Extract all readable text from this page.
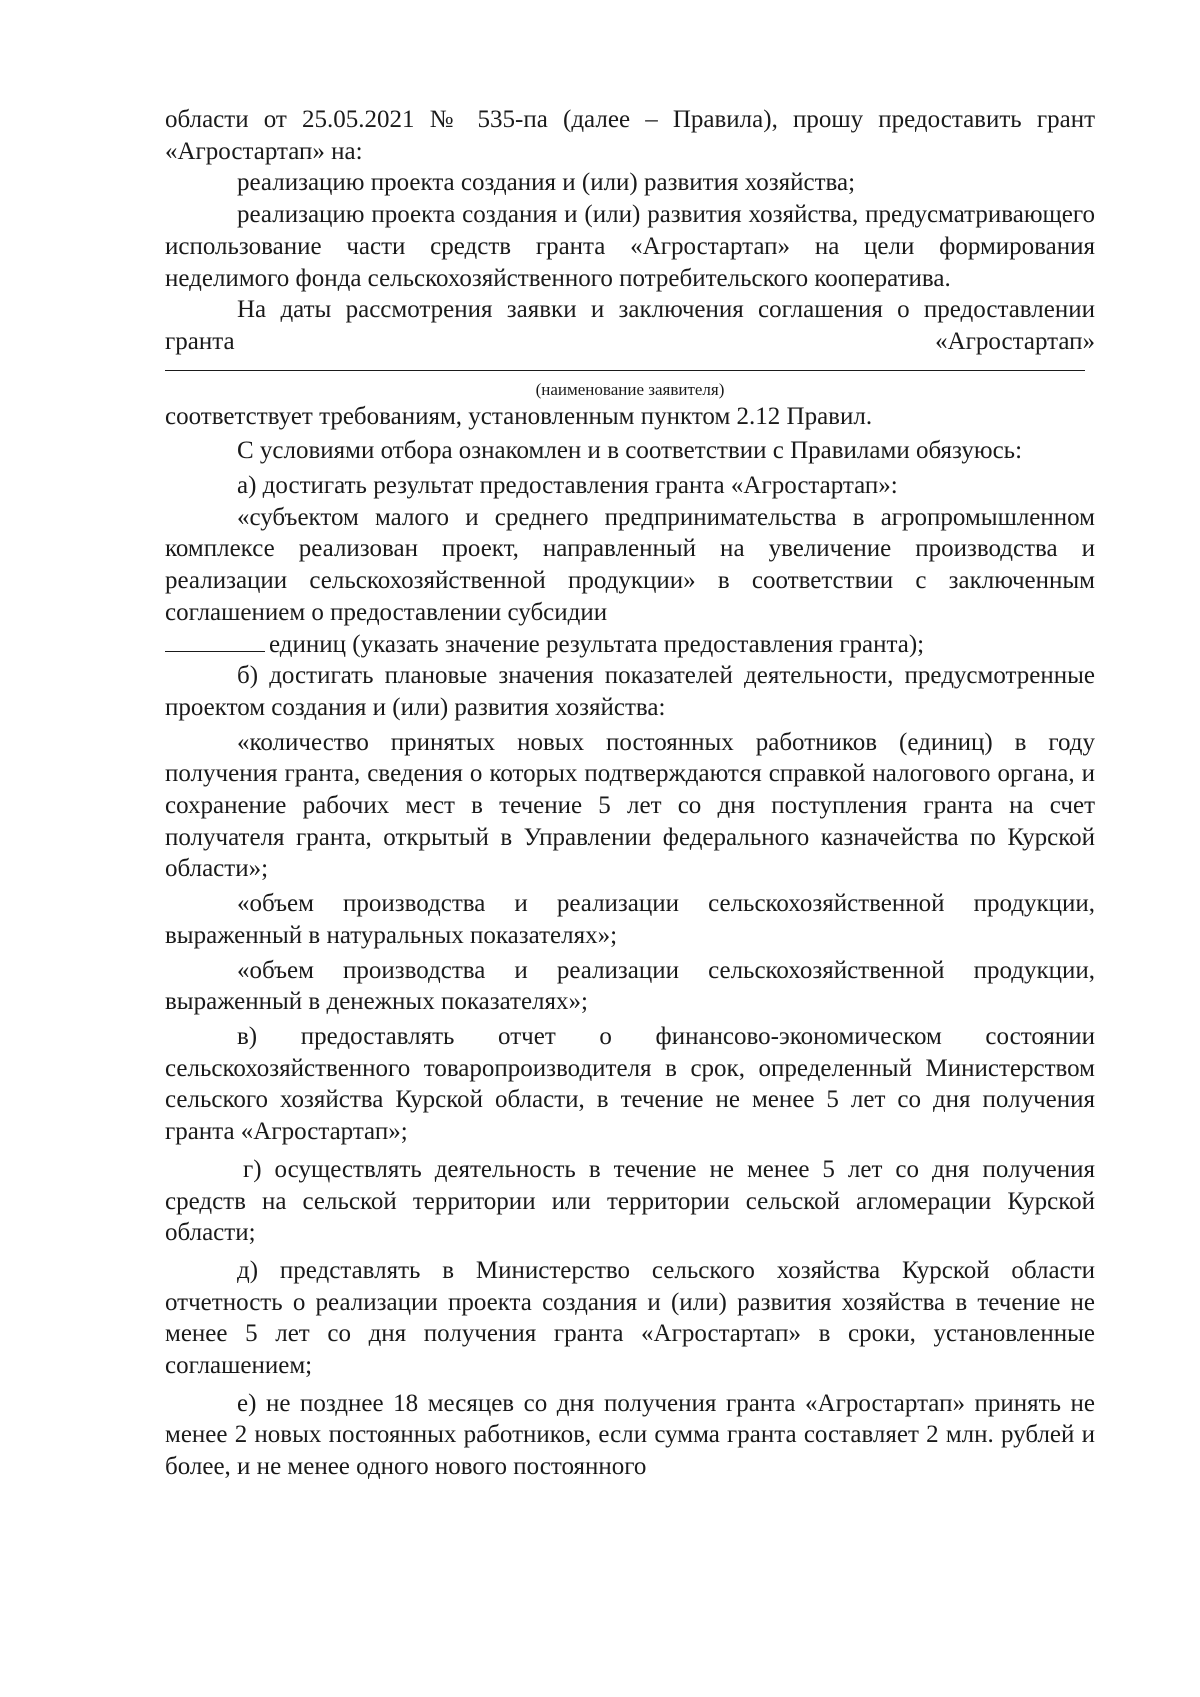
области от 25.05.2021 № 535-па (далее – Правила), прошу предоставить грант «Агростартап» на:

реализацию проекта создания и (или) развития хозяйства;

реализацию проекта создания и (или) развития хозяйства, предусматривающего использование части средств гранта «Агростартап» на цели формирования неделимого фонда сельскохозяйственного потребительского кооператива.

На даты рассмотрения заявки и заключения соглашения о предоставлении гранта «Агростартап»

(наименование заявителя)

соответствует требованиям, установленным пунктом 2.12 Правил.

С условиями отбора ознакомлен и в соответствии с Правилами обязуюсь:

а) достигать результат предоставления гранта «Агростартап»:

«субъектом малого и среднего предпринимательства в агропромышленном комплексе реализован проект, направленный на увеличение производства и реализации сельскохозяйственной продукции» в соответствии с заключенным соглашением о предоставлении субсидии

единиц (указать значение результата предоставления гранта);

б) достигать плановые значения показателей деятельности, предусмотренные проектом создания и (или) развития хозяйства:

«количество принятых новых постоянных работников (единиц) в году получения гранта, сведения о которых подтверждаются справкой налогового органа, и сохранение рабочих мест в течение 5 лет со дня поступления гранта на счет получателя гранта, открытый в Управлении федерального казначейства по Курской области»;

«объем производства и реализации сельскохозяйственной продукции, выраженный в натуральных показателях»;

«объем производства и реализации сельскохозяйственной продукции, выраженный в денежных показателях»;

в) предоставлять отчет о финансово-экономическом состоянии сельскохозяйственного товаропроизводителя в срок, определенный Министерством сельского хозяйства Курской области, в течение не менее 5 лет со дня получения гранта «Агростартап»;

г) осуществлять деятельность в течение не менее 5 лет со дня получения средств на сельской территории или территории сельской агломерации Курской области;

д) представлять в Министерство сельского хозяйства Курской области отчетность о реализации проекта создания и (или) развития хозяйства в течение не менее 5 лет со дня получения гранта «Агростартап» в сроки, установленные соглашением;

е) не позднее 18 месяцев со дня получения гранта «Агростартап» принять не менее 2 новых постоянных работников, если сумма гранта составляет 2 млн. рублей и более, и не менее одного нового постоянного
